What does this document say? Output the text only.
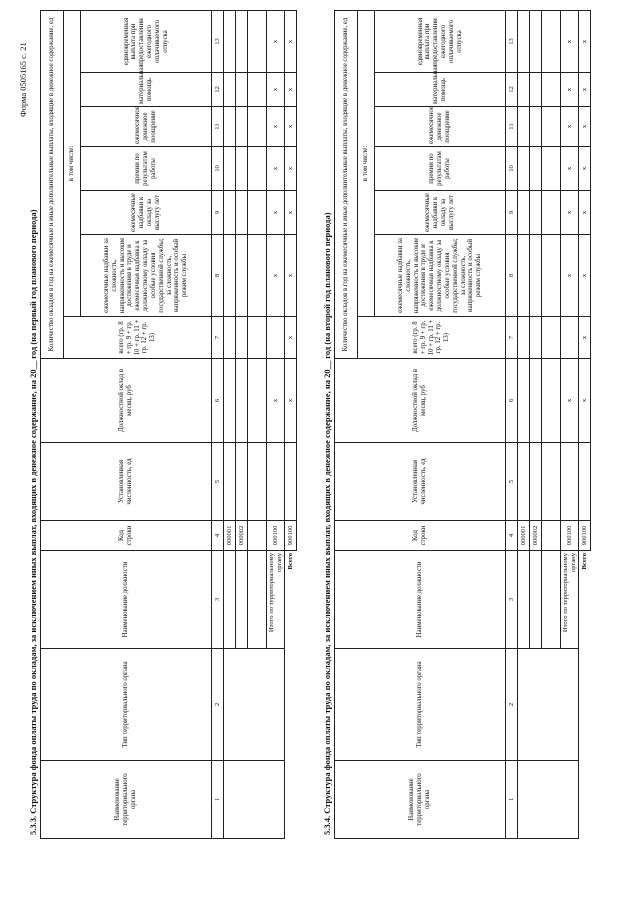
Форма 0505165 с. 21
5.3.3. Структура фонда оплаты труда по окладам, за исключением иных выплат, входящих в денежное содержание, на 20__ год (на первый год планового периода)	Наименование территориального органа	Тип территориального органа	Наименование должности	Код строки	Установленная численность, ед	Должностной оклад в месяц, руб	Количество окладов в год на ежемесячные и иные дополнительные выплаты, входящие в денежное содержание, ед						
						всего (гр. 8 + гр. 9 + гр. 10 + гр. 11 + гр. 12 + гр. 13)	в том числе:					
							ежемесячные надбавки за сложность, напряженность и высокие достижения в труде и ежемесячная надбавка к должностному окладу за особые условия государственной службы; за сложность, напряженность и особый режим службы	ежемесячные надбавки к окладу за выслугу лет	премии по результатам работы	ежемесячное денежное поощрение	материальная помощь	единовременная выплата при предоставлении ежегодного оплачиваемого отпуска
1	2	3	4	5	6	7	8	9	10	11	12	13
			000001									
			000002									

		Итого по территориальному органу	000100		x		x	x	x	x	x	x
		Всего	900100		x	x	x	x	x	x	x	x
5.3.4. Структура фонда оплаты труда по окладам, за исключением иных выплат, входящих в денежное содержание, на 20__ год (на второй год планового периода)	Наименование территориального органа	Тип территориального органа	Наименование должности	Код строки	Установленная численность, ед	Должностной оклад в месяц, руб	Количество окладов в год на ежемесячные и иные дополнительные выплаты, входящие в денежное содержание, ед						
						всего (гр. 8 + гр. 9 + гр. 10 + гр. 11 + гр. 12 + гр. 13)	в том числе:					
							ежемесячные надбавки за сложность, напряженность и высокие достижения в труде и ежемесячная надбавка к должностному окладу за особые условия государственной службы; за сложность, напряженность и особый режим службы	ежемесячные надбавки к окладу за выслугу лет	премии по результатам работы	ежемесячное денежное поощрение	материальная помощь	единовременная выплата при предоставлении ежегодного оплачиваемого отпуска
1	2	3	4	5	6	7	8	9	10	11	12	13
			000001									
			000002									

		Итого по территориальному органу	000100		x		x	x	x	x	x	x
		Всего	900100		x	x	x	x	x	x	x	x
